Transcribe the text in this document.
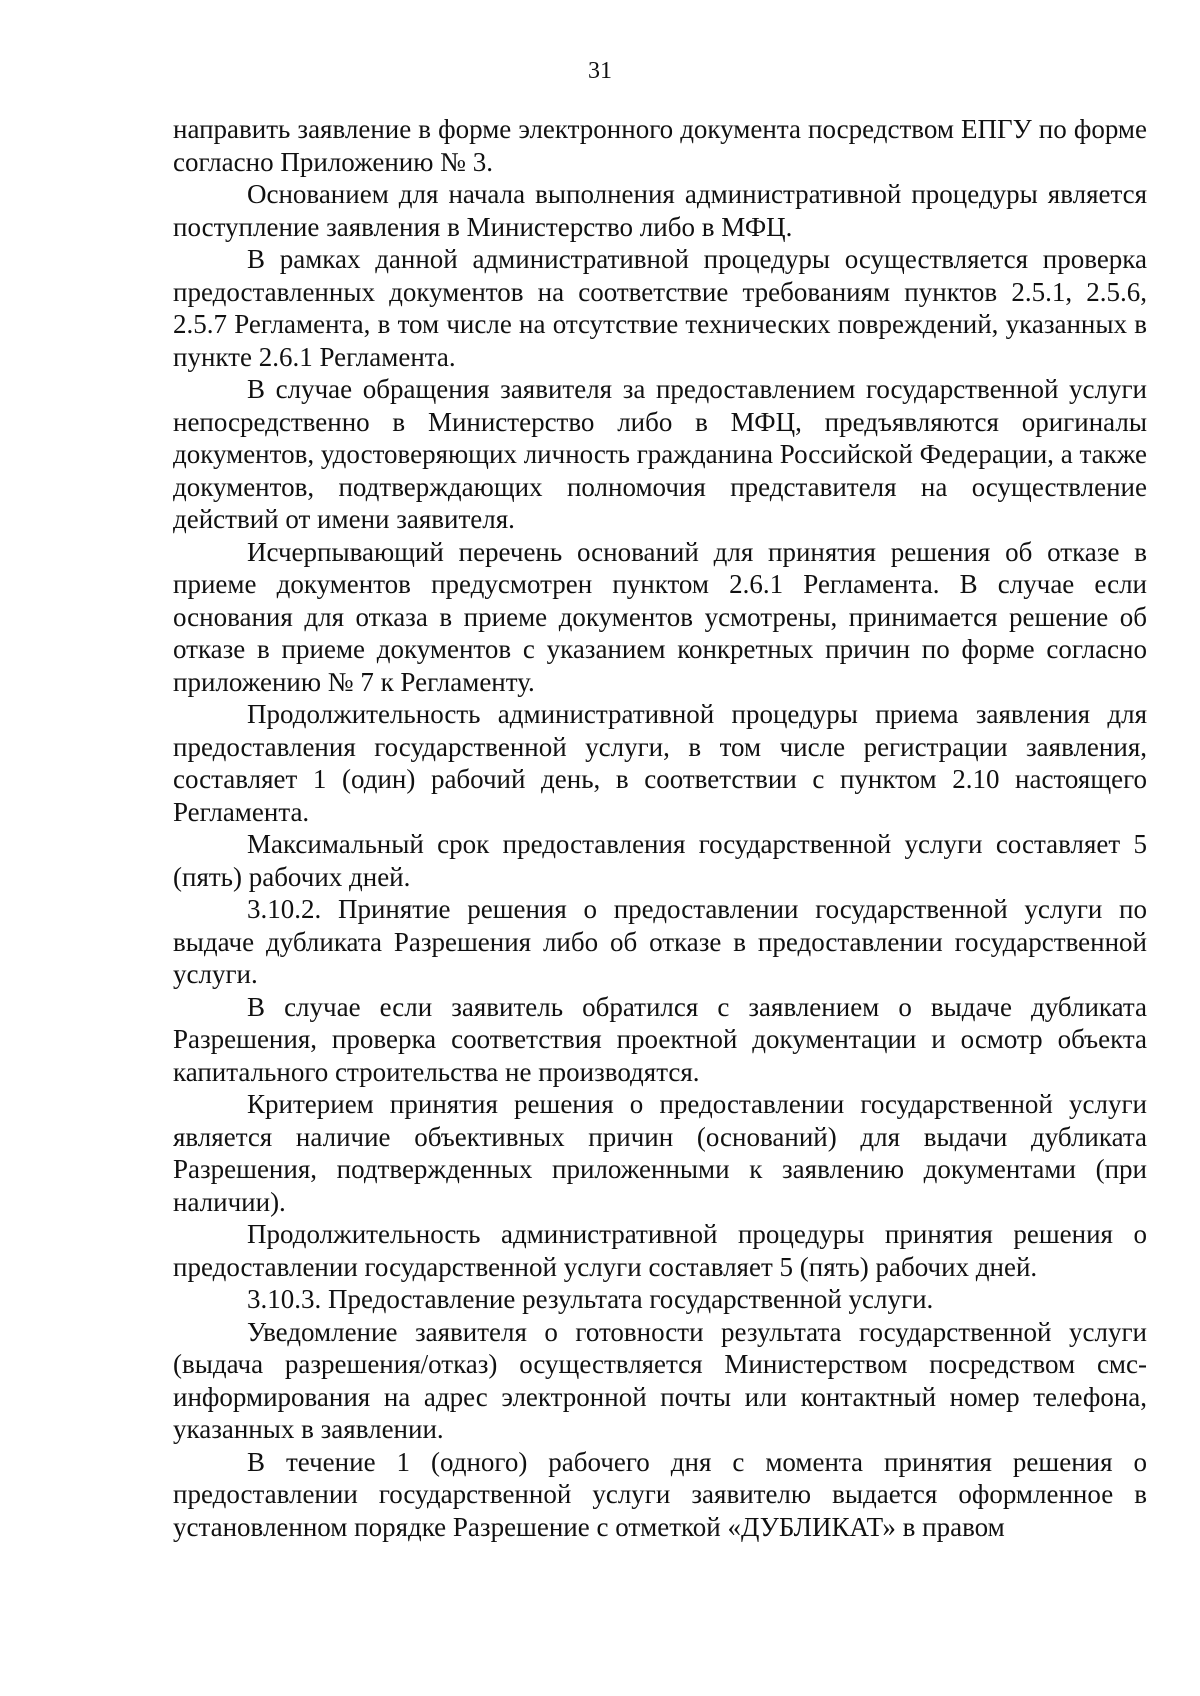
31

направить заявление в форме электронного документа посредством ЕПГУ по форме согласно Приложению № 3.

Основанием для начала выполнения административной процедуры является поступление заявления в Министерство либо в МФЦ.

В рамках данной административной процедуры осуществляется проверка предоставленных документов на соответствие требованиям пунктов 2.5.1, 2.5.6, 2.5.7 Регламента, в том числе на отсутствие технических повреждений, указанных в пункте 2.6.1 Регламента.

В случае обращения заявителя за предоставлением государственной услуги непосредственно в Министерство либо в МФЦ, предъявляются оригиналы документов, удостоверяющих личность гражданина Российской Федерации, а также документов, подтверждающих полномочия представителя на осуществление действий от имени заявителя.

Исчерпывающий перечень оснований для принятия решения об отказе в приеме документов предусмотрен пунктом 2.6.1 Регламента. В случае если основания для отказа в приеме документов усмотрены, принимается решение об отказе в приеме документов с указанием конкретных причин по форме согласно приложению № 7 к Регламенту.

Продолжительность административной процедуры приема заявления для предоставления государственной услуги, в том числе регистрации заявления, составляет 1 (один) рабочий день, в соответствии с пунктом 2.10 настоящего Регламента.

Максимальный срок предоставления государственной услуги составляет 5 (пять) рабочих дней.

3.10.2. Принятие решения о предоставлении государственной услуги по выдаче дубликата Разрешения либо об отказе в предоставлении государственной услуги.

В случае если заявитель обратился с заявлением о выдаче дубликата Разрешения, проверка соответствия проектной документации и осмотр объекта капитального строительства не производятся.

Критерием принятия решения о предоставлении государственной услуги является наличие объективных причин (оснований) для выдачи дубликата Разрешения, подтвержденных приложенными к заявлению документами (при наличии).

Продолжительность административной процедуры принятия решения о предоставлении государственной услуги составляет 5 (пять) рабочих дней.

3.10.3. Предоставление результата государственной услуги.

Уведомление заявителя о готовности результата государственной услуги (выдача разрешения/отказ) осуществляется Министерством посредством смс-информирования на адрес электронной почты или контактный номер телефона, указанных в заявлении.

В течение 1 (одного) рабочего дня с момента принятия решения о предоставлении государственной услуги заявителю выдается оформленное в установленном порядке Разрешение с отметкой «ДУБЛИКАТ» в правом
